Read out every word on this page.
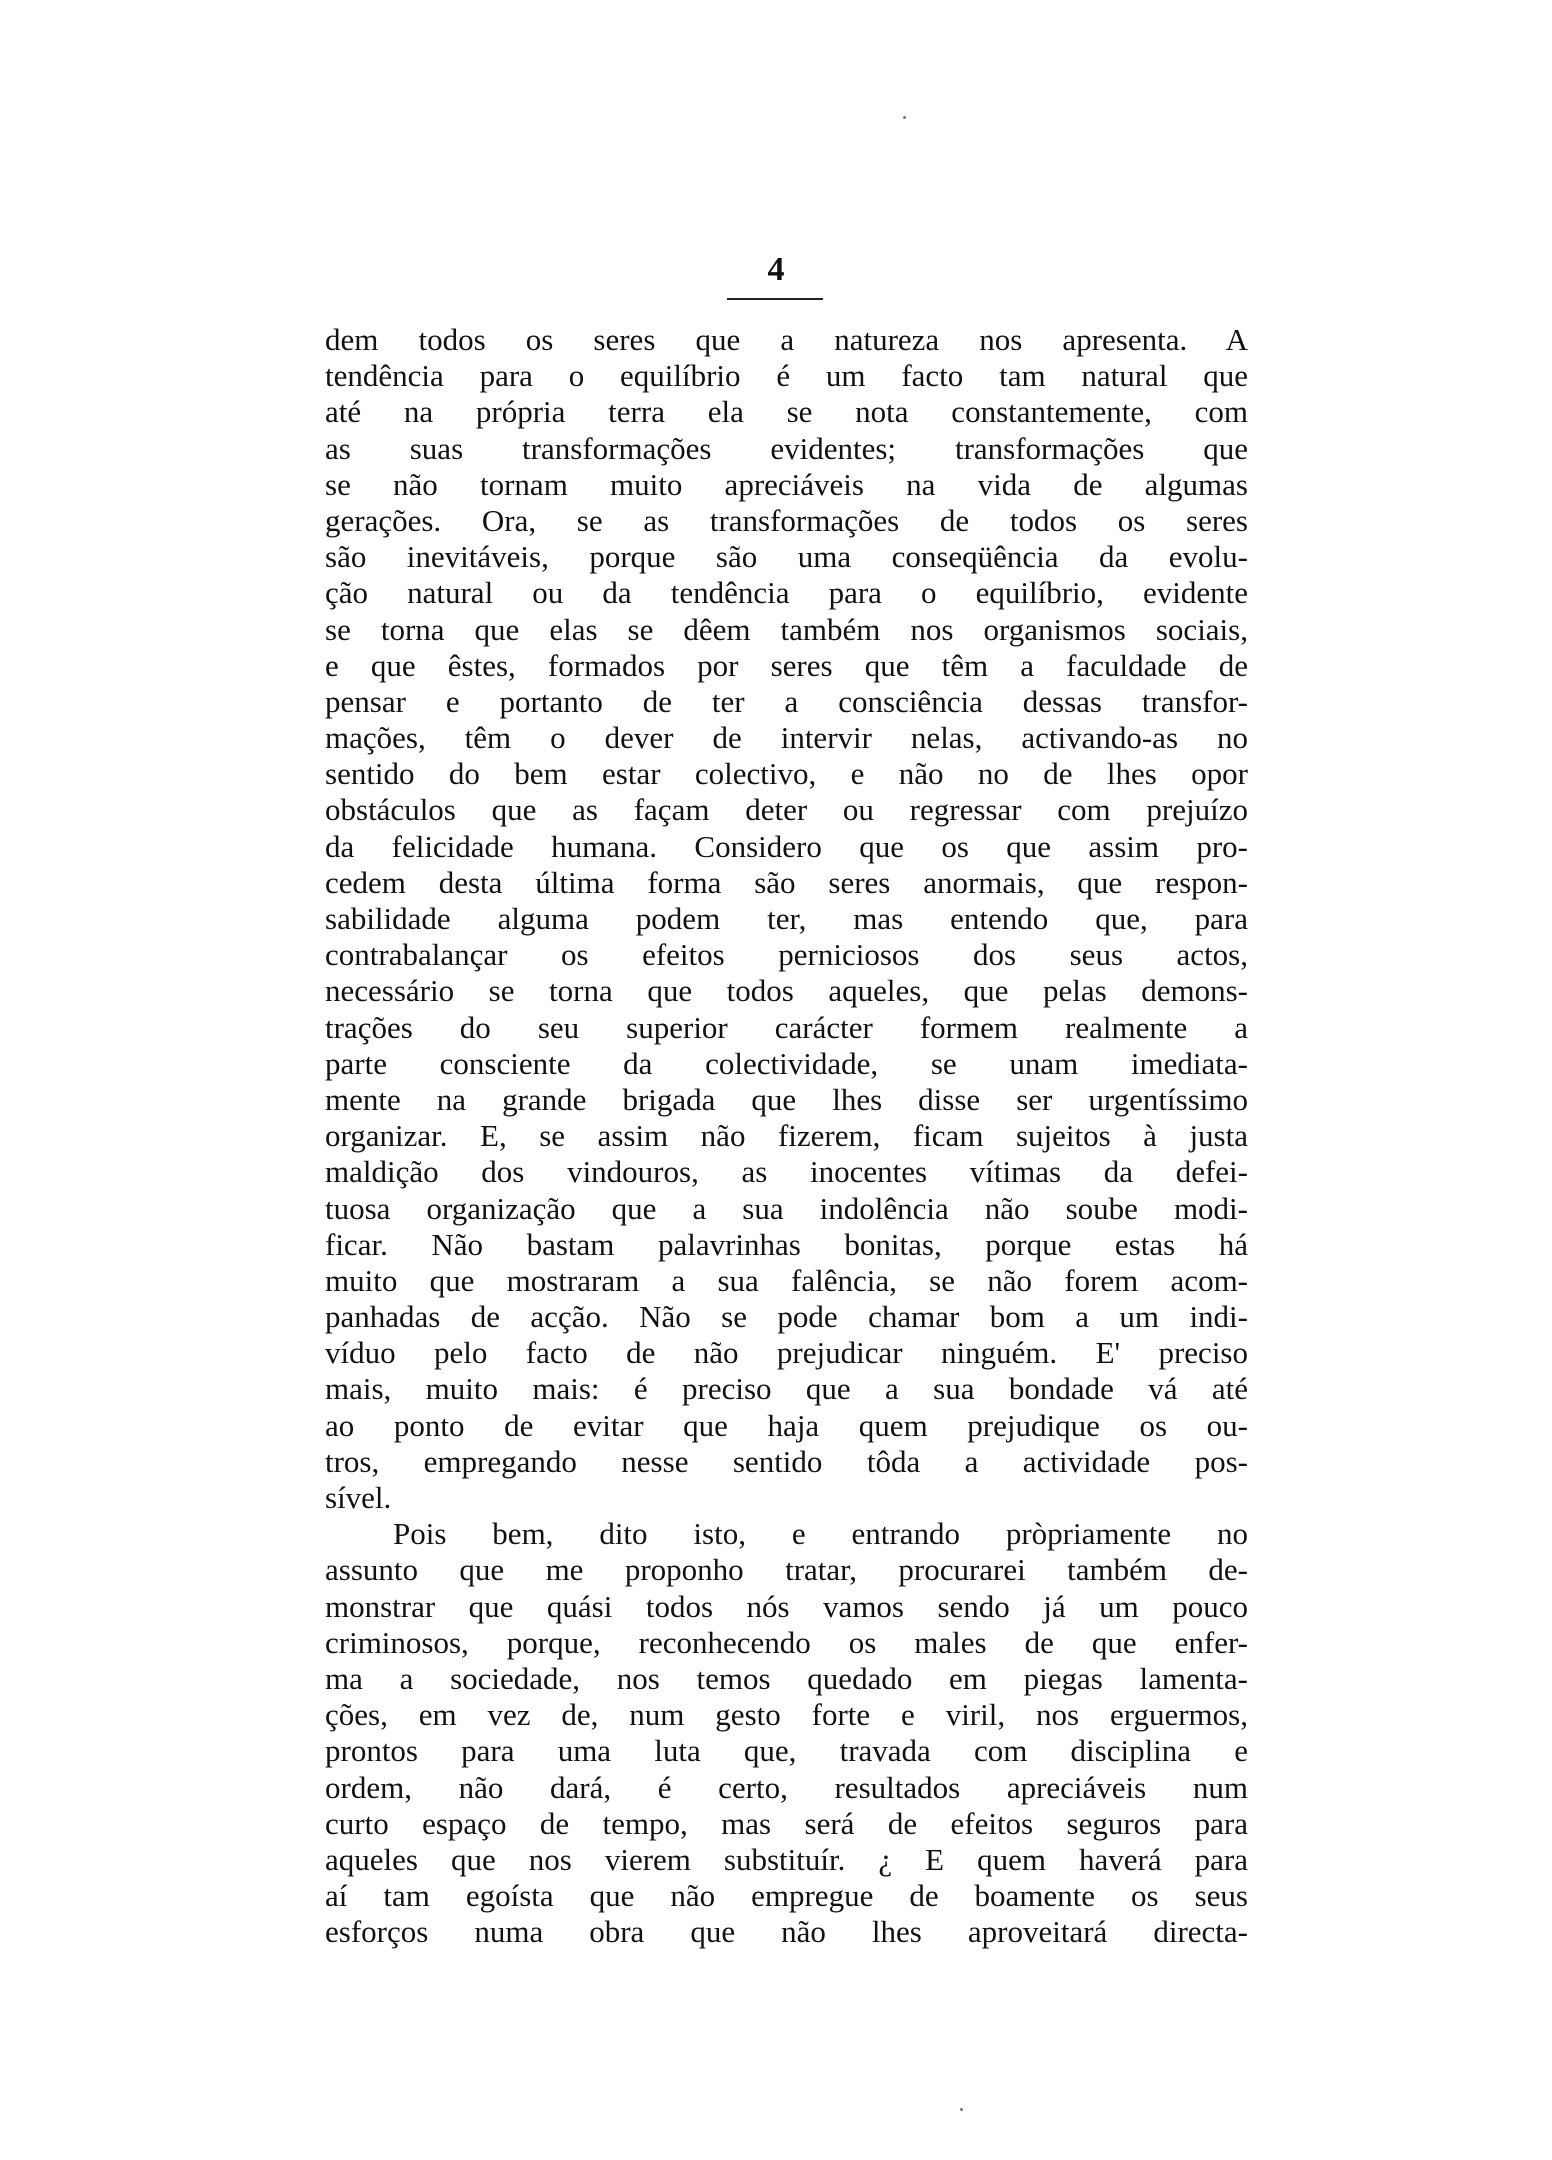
4
dem todos os seres que a natureza nos apresenta. A
tendência para o equilíbrio é um facto tam natural que
até na própria terra ela se nota constantemente, com
as suas transformações evidentes; transformações que
se não tornam muito apreciáveis na vida de algumas
gerações. Ora, se as transformações de todos os seres
são inevitáveis, porque são uma conseqüência da evolu-
ção natural ou da tendência para o equilíbrio, evidente
se torna que elas se dêem também nos organismos sociais,
e que êstes, formados por seres que têm a faculdade de
pensar e portanto de ter a consciência dessas transfor-
mações, têm o dever de intervir nelas, activando-as no
sentido do bem estar colectivo, e não no de lhes opor
obstáculos que as façam deter ou regressar com prejuízo
da felicidade humana. Considero que os que assim pro-
cedem desta última forma são seres anormais, que respon-
sabilidade alguma podem ter, mas entendo que, para
contrabalançar os efeitos perniciosos dos seus actos,
necessário se torna que todos aqueles, que pelas demons-
trações do seu superior carácter formem realmente a
parte consciente da colectividade, se unam imediata-
mente na grande brigada que lhes disse ser urgentíssimo
organizar. E, se assim não fizerem, ficam sujeitos à justa
maldição dos vindouros, as inocentes vítimas da defei-
tuosa organização que a sua indolência não soube modi-
ficar. Não bastam palavrinhas bonitas, porque estas há
muito que mostraram a sua falência, se não forem acom-
panhadas de acção. Não se pode chamar bom a um indi-
víduo pelo facto de não prejudicar ninguém. E' preciso
mais, muito mais: é preciso que a sua bondade vá até
ao ponto de evitar que haja quem prejudique os ou-
tros, empregando nesse sentido tôda a actividade pos-
sível.
Pois bem, dito isto, e entrando pròpriamente no
assunto que me proponho tratar, procurarei também de-
monstrar que quási todos nós vamos sendo já um pouco
criminosos, porque, reconhecendo os males de que enfer-
ma a sociedade, nos temos quedado em piegas lamenta-
ções, em vez de, num gesto forte e viril, nos erguermos,
prontos para uma luta que, travada com disciplina e
ordem, não dará, é certo, resultados apreciáveis num
curto espaço de tempo, mas será de efeitos seguros para
aqueles que nos vierem substituír. ¿ E quem haverá para
aí tam egoísta que não empregue de boamente os seus
esforços numa obra que não lhes aproveitará directa-
